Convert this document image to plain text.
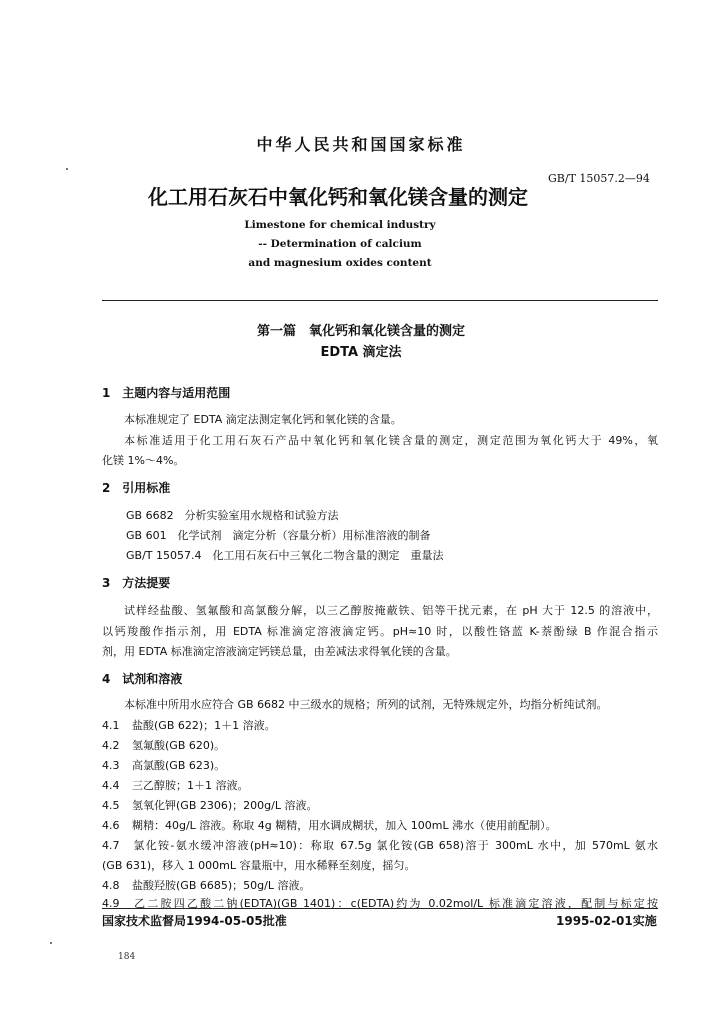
中华人民共和国国家标准
GB/T 15057.2—94
化工用石灰石中氧化钙和氧化镁含量的测定
Limestone for chemical industry
-- Determination of calcium
and magnesium oxides content
第一篇　氧化钙和氧化镁含量的测定
EDTA 滴定法
1 主题内容与适用范围
本标准规定了 EDTA 滴定法测定氧化钙和氧化镁的含量。
本标准适用于化工用石灰石产品中氧化钙和氧化镁含量的测定，测定范围为氧化钙大于 49%，氧
化镁 1%～4%。
2 引用标准
GB 6682　分析实验室用水规格和试验方法
GB 601　化学试剂　滴定分析（容量分析）用标准溶液的制备
GB/T 15057.4　化工用石灰石中三氧化二物含量的测定　重量法
3 方法提要
试样经盐酸、氢氟酸和高氯酸分解，以三乙醇胺掩蔽铁、铝等干扰元素，在 pH 大于 12.5 的溶液中，
以钙羧酸作指示剂，用 EDTA 标准滴定溶液滴定钙。pH≈10 时，以酸性铬蓝 K-萘酚绿 B 作混合指示
剂，用 EDTA 标准滴定溶液滴定钙镁总量，由差减法求得氧化镁的含量。
4 试剂和溶液
本标准中所用水应符合 GB 6682 中三级水的规格；所列的试剂，无特殊规定外，均指分析纯试剂。
4.1 盐酸(GB 622)；1＋1 溶液。
4.2 氢氟酸(GB 620)。
4.3 高氯酸(GB 623)。
4.4 三乙醇胺；1＋1 溶液。
4.5 氢氧化钾(GB 2306)；200g/L 溶液。
4.6 糊精：40g/L 溶液。称取 4g 糊精，用水调成糊状，加入 100mL 沸水（使用前配制）。
4.7 氯化铵-氨水缓冲溶液(pH≈10)：称取 67.5g 氯化铵(GB 658)溶于 300mL 水中，加 570mL 氨水
(GB 631)，移入 1 000mL 容量瓶中，用水稀释至刻度，摇匀。
4.8 盐酸羟胺(GB 6685)；50g/L 溶液。
4.9 乙二胺四乙酸二钠(EDTA)(GB 1401)：c(EDTA)约为 0.02mol/L 标准滴定溶液，配制与标定按
国家技术监督局1994-05-05批准	1995-02-01实施
184
